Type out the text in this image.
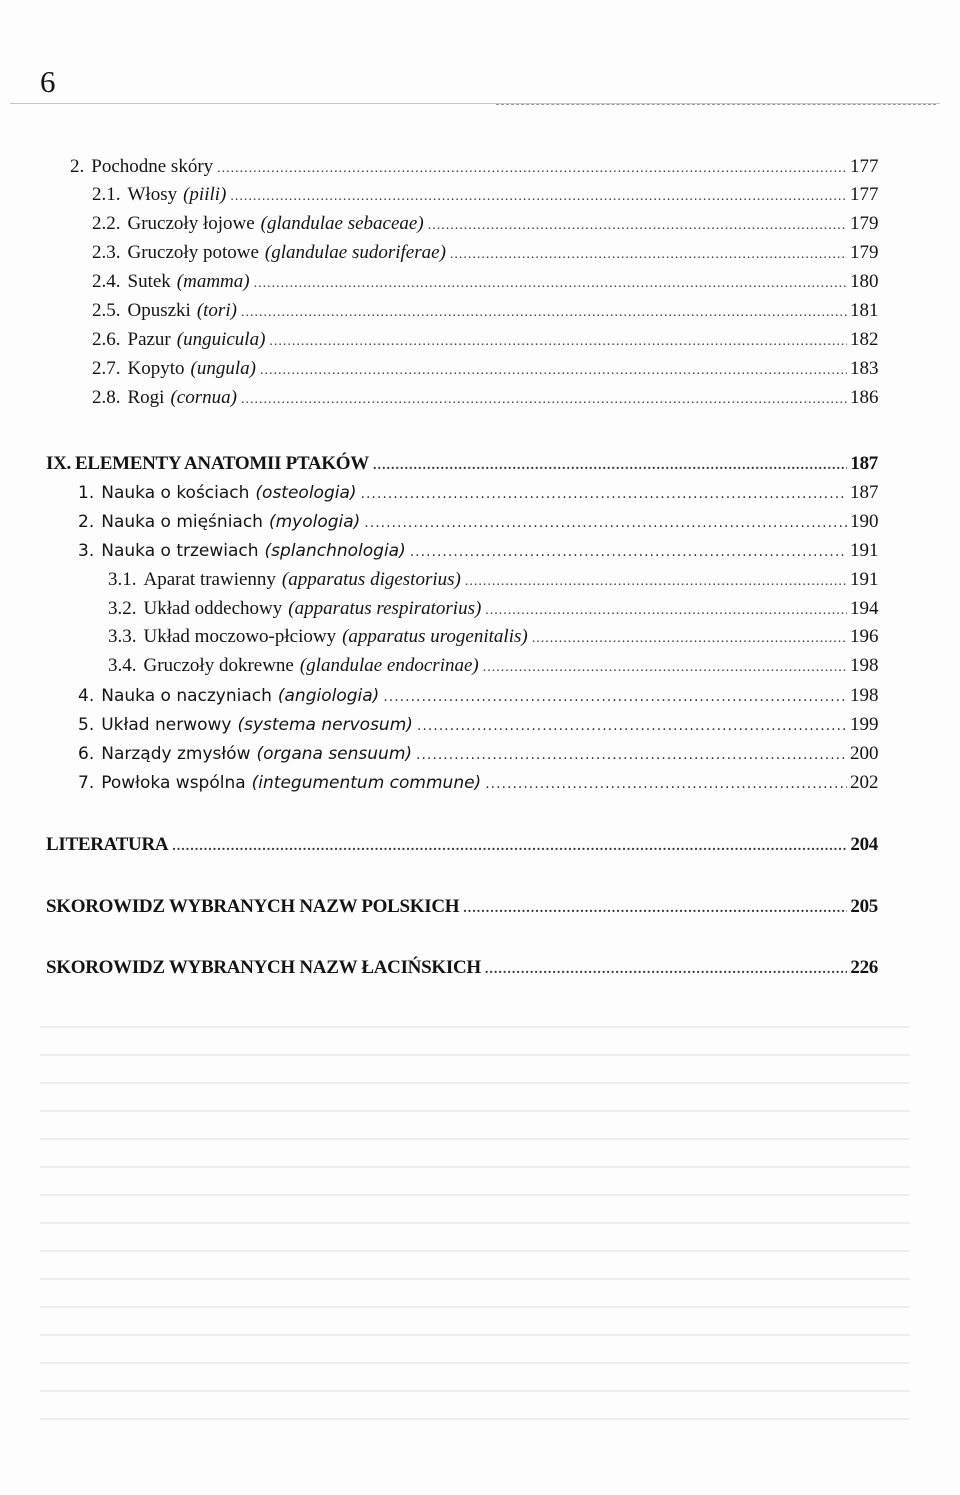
6
2. Pochodne skóry .....	177
2.1. Włosy (piili) .....	177
2.2. Gruczoły łojowe (glandulae sebaceae) .....	179
2.3. Gruczoły potowe (glandulae sudoriferae) .....	179
2.4. Sutek (mamma) .....	180
2.5. Opuszki (tori) .....	181
2.6. Pazur (unguicula) .....	182
2.7. Kopyto (ungula) .....	183
2.8. Rogi (cornua) .....	186
IX. ELEMENTY ANATOMII PTAKÓW .....	187
1. Nauka o kościach (osteologia) .....	187
2. Nauka o mięśniach (myologia) .....	190
3. Nauka o trzewiach (splanchnologia) .....	191
3.1. Aparat trawienny (apparatus digestorius) .....	191
3.2. Układ oddechowy (apparatus respiratorius) .....	194
3.3. Układ moczowo-płciowy (apparatus urogenitalis) .....	196
3.4. Gruczoły dokrewne (glandulae endocrinae) .....	198
4. Nauka o naczyniach (angiologia) .....	198
5. Układ nerwowy (systema nervosum) .....	199
6. Narządy zmysłów (organa sensuum) .....	200
7. Powłoka wspólna (integumentum commune) .....	202
LITERATURA .....	204
SKOROWIDZ WYBRANYCH NAZW POLSKICH .....	205
SKOROWIDZ WYBRANYCH NAZW ŁACIŃSKICH .....	226
